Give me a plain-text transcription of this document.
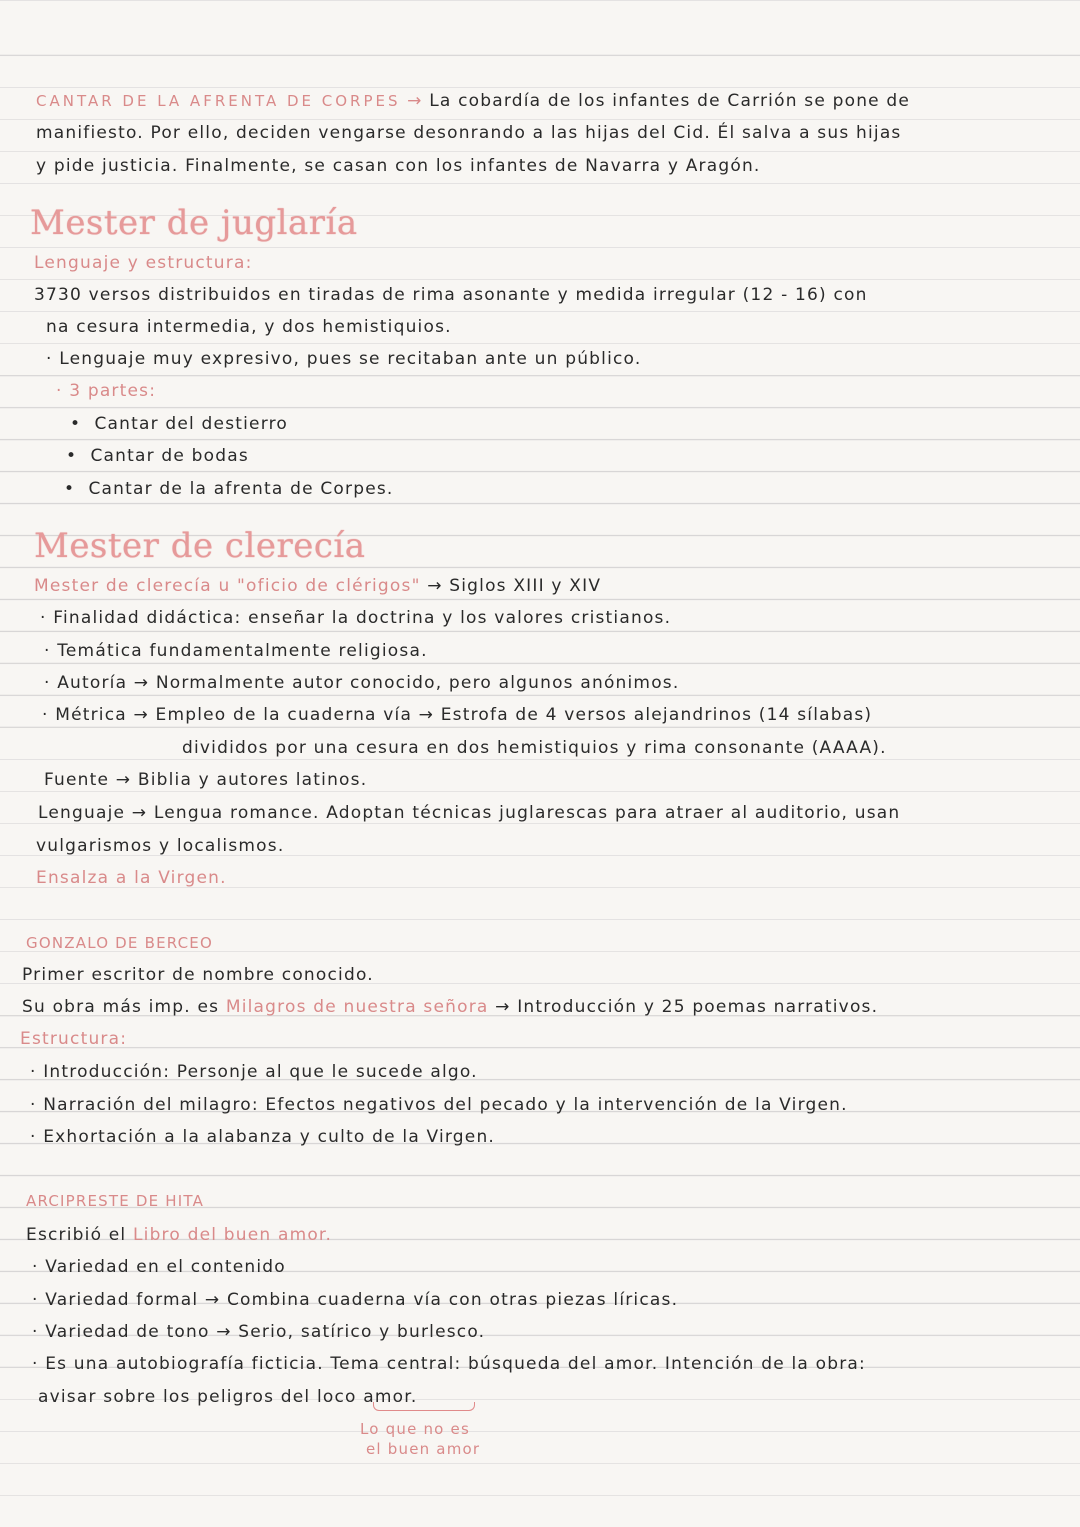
CANTAR DE LA AFRENTA DE CORPES → La cobardía de los infantes de Carrión se pone de
manifiesto. Por ello, deciden vengarse desonrando a las hijas del Cid. Él salva a sus hijas
y pide justicia. Finalmente, se casan con los infantes de Navarra y Aragón.
Mester de juglaría
Lenguaje y estructura:
3730 versos distribuidos en tiradas de rima asonante y medida irregular (12 - 16) con
na cesura intermedia, y dos hemistiquios.
· Lenguaje muy expresivo, pues se recitaban ante un público.
· 3 partes:
•  Cantar del destierro
•  Cantar de bodas
•  Cantar de la afrenta de Corpes.
Mester de clerecía
Mester de clerecía u "oficio de clérigos" → Siglos XIII y XIV
· Finalidad didáctica: enseñar la doctrina y los valores cristianos.
· Temática fundamentalmente religiosa.
· Autoría → Normalmente autor conocido, pero algunos anónimos.
· Métrica → Empleo de la cuaderna vía → Estrofa de 4 versos alejandrinos (14 sílabas)
divididos por una cesura en dos hemistiquios y rima consonante (AAAA).
Fuente → Biblia y autores latinos.
Lenguaje → Lengua romance. Adoptan técnicas juglarescas para atraer al auditorio, usan
vulgarismos y localismos.
Ensalza a la Virgen.
GONZALO DE BERCEO
Primer escritor de nombre conocido.
Su obra más imp. es Milagros de nuestra señora → Introducción y 25 poemas narrativos.
Estructura:
· Introducción: Personje al que le sucede algo.
· Narración del milagro: Efectos negativos del pecado y la intervención de la Virgen.
· Exhortación a la alabanza y culto de la Virgen.
ARCIPRESTE DE HITA
Escribió el Libro del buen amor.
· Variedad en el contenido
· Variedad formal → Combina cuaderna vía con otras piezas líricas.
· Variedad de tono → Serio, satírico y burlesco.
· Es una autobiografía ficticia. Tema central: búsqueda del amor. Intención de la obra:
avisar sobre los peligros del loco amor.
Lo que no es
el buen amor
